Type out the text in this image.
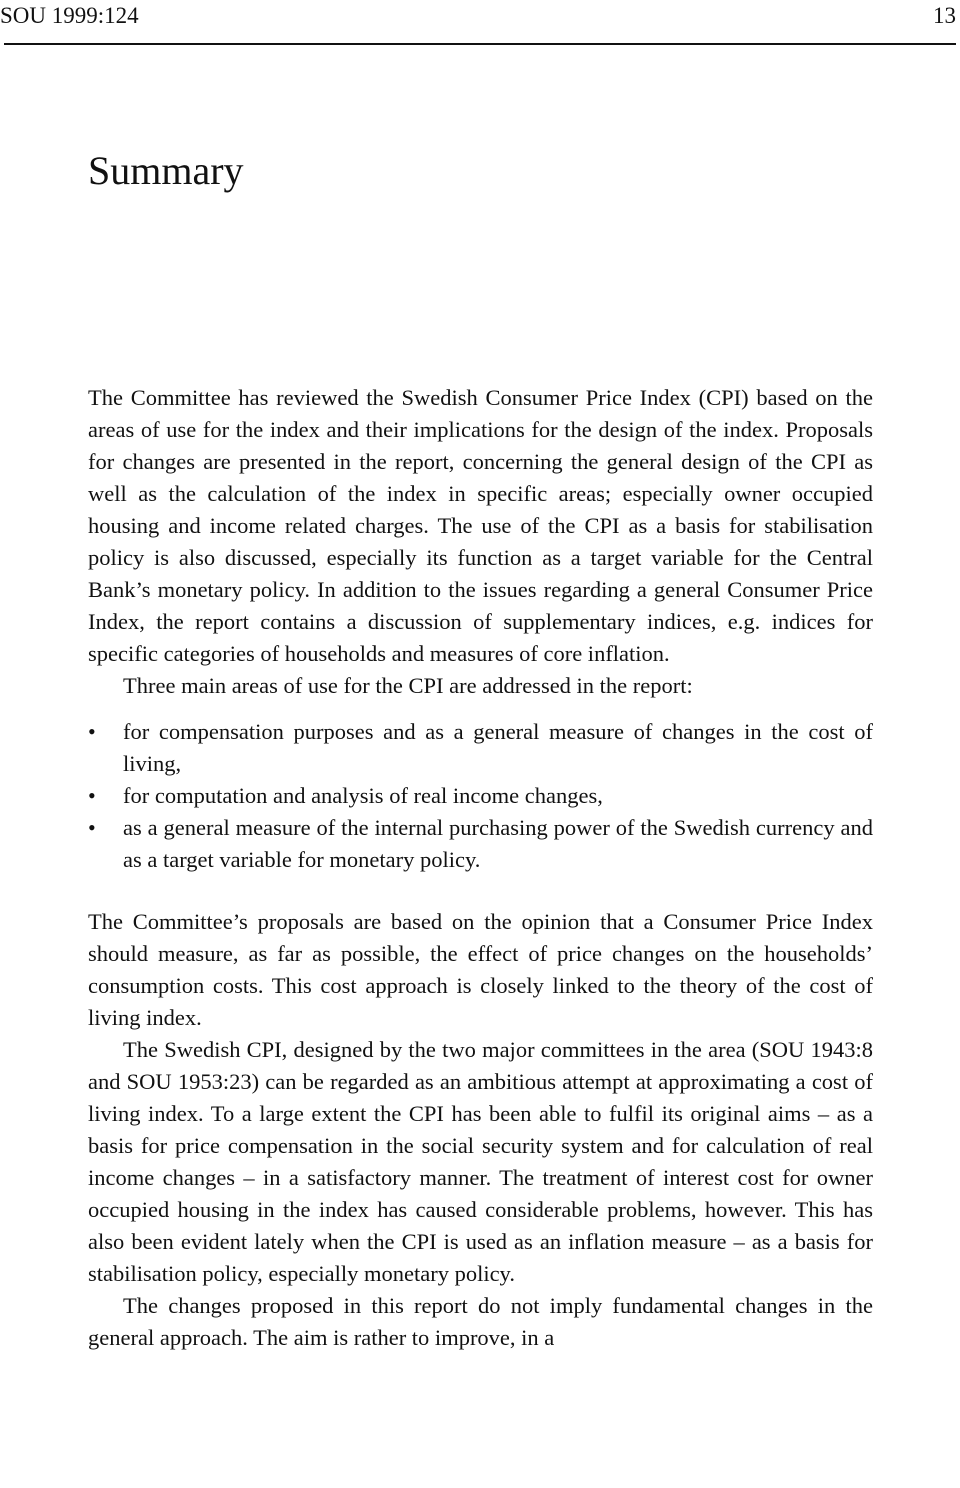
SOU 1999:124	13
Summary

The Committee has reviewed the Swedish Consumer Price Index (CPI) based on the areas of use for the index and their implications for the design of the index. Proposals for changes are presented in the report, concerning the general design of the CPI as well as the calculation of the index in specific areas; especially owner occupied housing and income related charges. The use of the CPI as a basis for stabilisation policy is also discussed, especially its function as a target variable for the Central Bank’s monetary policy. In addition to the issues regarding a general Consumer Price Index, the report contains a discussion of supplementary indices, e.g. indices for specific categories of households and measures of core inflation.

Three main areas of use for the CPI are addressed in the report:

•	for compensation purposes and as a general measure of changes in the cost of living,
•	for computation and analysis of real income changes,
•	as a general measure of the internal purchasing power of the Swedish currency and as a target variable for monetary policy.

The Committee’s proposals are based on the opinion that a Consumer Price Index should measure, as far as possible, the effect of price changes on the households’ consumption costs. This cost approach is closely linked to the theory of the cost of living index.

The Swedish CPI, designed by the two major committees in the area (SOU 1943:8 and SOU 1953:23) can be regarded as an ambitious attempt at approximating a cost of living index. To a large extent the CPI has been able to fulfil its original aims – as a basis for price compensation in the social security system and for calculation of real income changes – in a satisfactory manner. The treatment of interest cost for owner occupied housing in the index has caused considerable problems, however. This has also been evident lately when the CPI is used as an inflation measure – as a basis for stabilisation policy, especially monetary policy.

The changes proposed in this report do not imply fundamental changes in the general approach. The aim is rather to improve, in a
